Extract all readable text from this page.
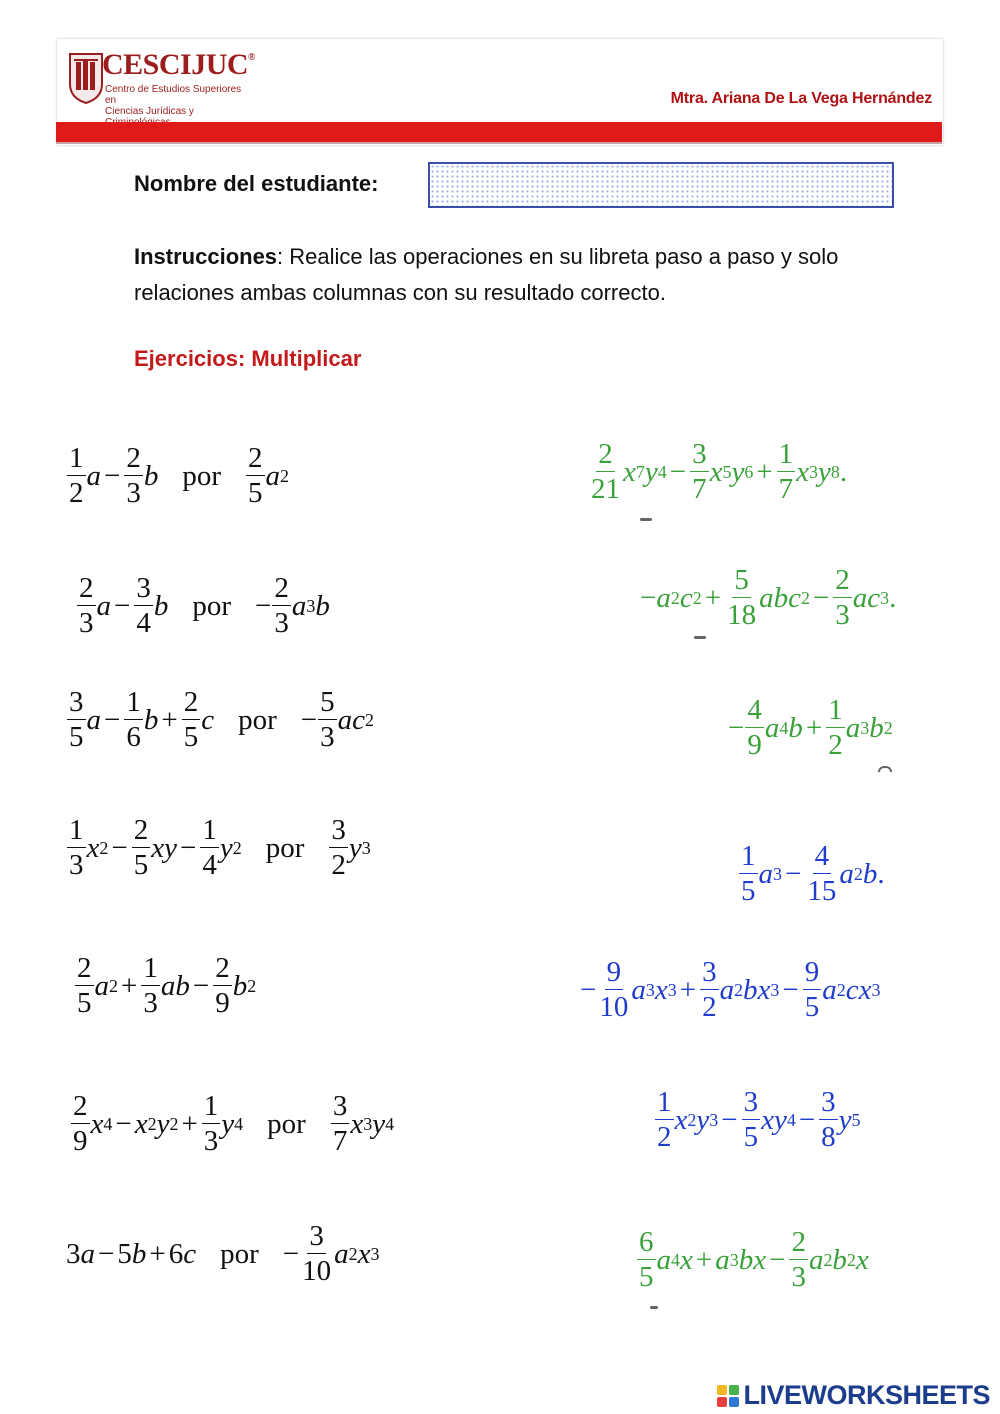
CESCIJUC®
Centro de Estudios Superiores en
Ciencias Jurídicas y
Mtra. Ariana De La Vega Hernández
Nombre del estudiante:
Instrucciones: Realice las operaciones en su libreta paso a paso y solo relaciones ambas columnas con su resultado correcto.
Ejercicios: Multiplicar
$\frac{1}{2}$ $a - \frac{2}{3}$ b por $\frac{2}{5}$ a 2
$\frac{2}{3}$ $a - \frac{3}{4}$ b por − $\frac{2}{3}$ a 3 b
$\frac{3}{5}$ $a - \frac{1}{6}$ $b + \frac{2}{5}$ c por − $\frac{5}{3}$ ac 2
$\frac{1}{3}$ x $2 - \frac{2}{5}$ xy − $\frac{1}{4}$ y 2 por $\frac{3}{2}$ y 3
$\frac{2}{5}$ a $2 + \frac{1}{3}$ ab − $\frac{2}{9}$ b 2
$\frac{2}{9}$ x 4 − x 2 y $2 + \frac{1}{3}$ y 4 por $\frac{3}{7}$ x 3 y 4
3 a − 5 b + 6 c por − $\frac{3}{10}$ a 2 x 3
$\frac{2}{21}$ x 7 y $4 - \frac{3}{7}$ x 5 y $6 + \frac{1}{7}$ x 3 y 8 .
− a 2 c $2 + \frac{5}{18}$ abc $2 - \frac{2}{3}$ ac 3 .
− $\frac{4}{9}$ a 4 $b + \frac{1}{2}$ a 3 b 2
$\frac{1}{5}$ a $3 - \frac{4}{15}$ a 2 b .
− $\frac{9}{10}$ a 3 x $3 + \frac{3}{2}$ a 2 bx $3 - \frac{9}{5}$ a 2 cx 3
$\frac{1}{2}$ x 2 y $3 - \frac{3}{5}$ xy $4 - \frac{3}{8}$ y 5
$\frac{6}{5}$ a 4 x + a 3 bx − $\frac{2}{3}$ a 2 b 2 x
LIVEWORKSHEETS
